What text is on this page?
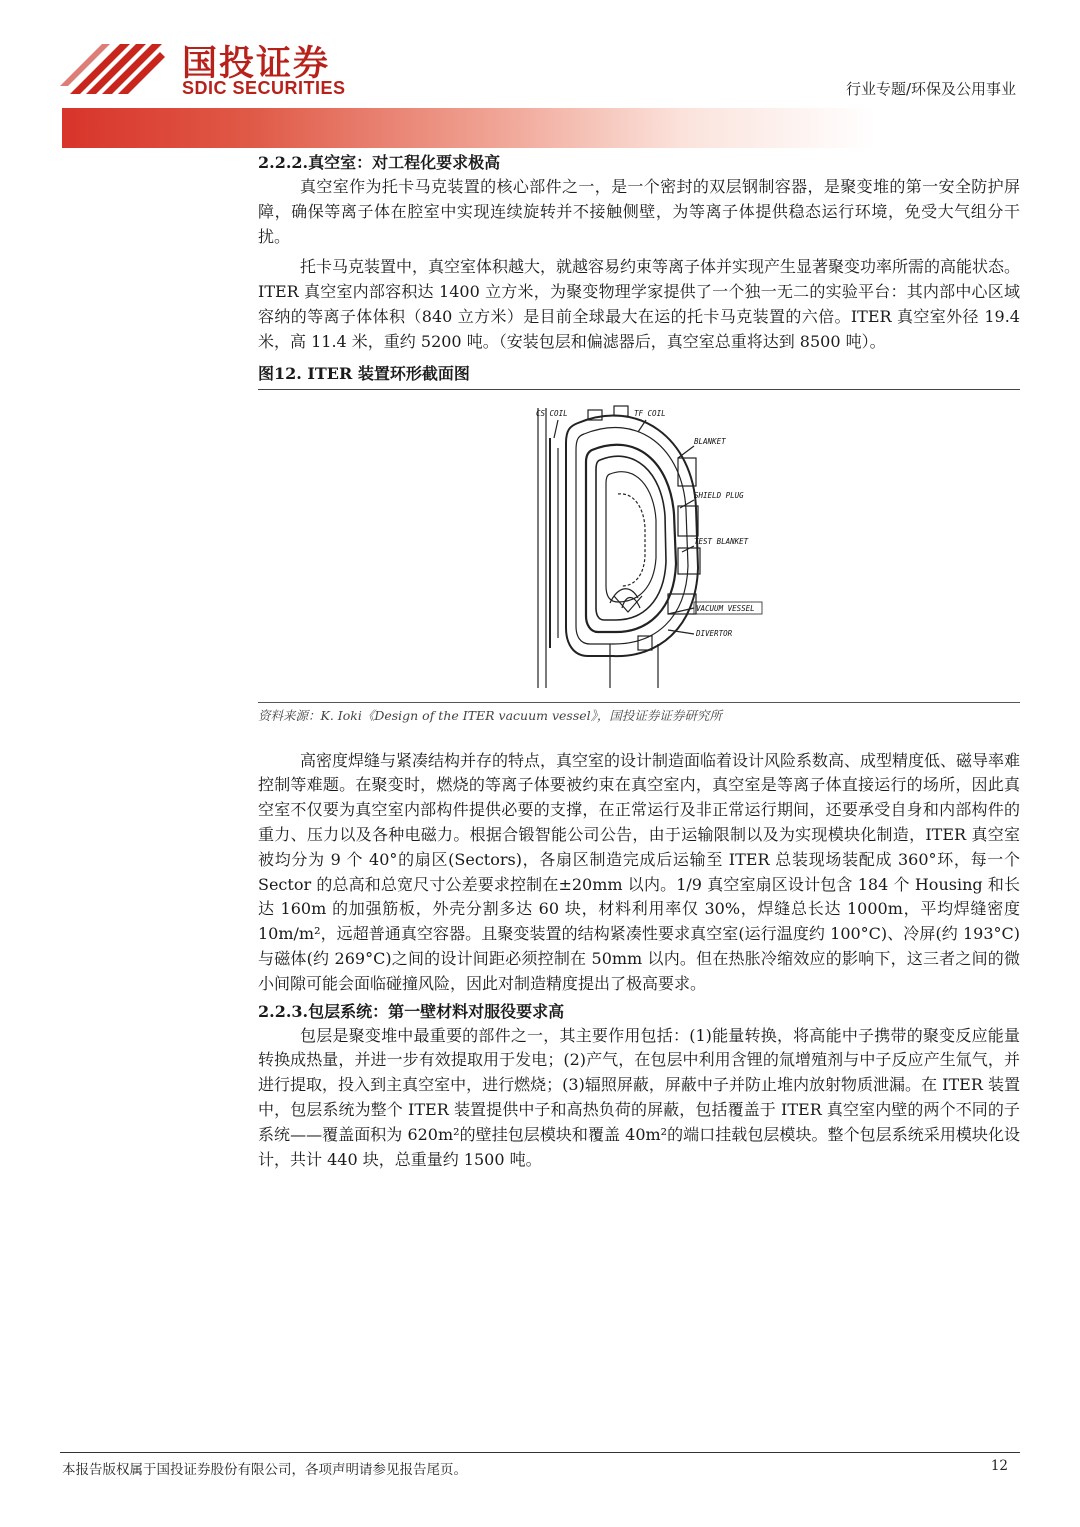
国投证券
SDIC SECURITIES	行业专题/环保及公用事业

2.2.2.真空室：对工程化要求极高

真空室作为托卡马克装置的核心部件之一，是一个密封的双层钢制容器，是聚变堆的第一安全防护屏障，确保等离子体在腔室中实现连续旋转并不接触侧壁，为等离子体提供稳态运行环境，免受大气组分干扰。

托卡马克装置中，真空室体积越大，就越容易约束等离子体并实现产生显著聚变功率所需的高能状态。ITER 真空室内部容积达 1400 立方米，为聚变物理学家提供了一个独一无二的实验平台：其内部中心区域容纳的等离子体体积（840 立方米）是目前全球最大在运的托卡马克装置的六倍。ITER 真空室外径 19.4 米，高 11.4 米，重约 5200 吨。（安装包层和偏滤器后，真空室总重将达到 8500 吨）。

图12. ITER 装置环形截面图
CS COIL	TF COIL
BLANKET
SHIELD PLUG
TEST BLANKET
VACUUM VESSEL
DIVERTOR
资料来源：K. Ioki《Design of the ITER vacuum vessel》，国投证券证券研究所

高密度焊缝与紧凑结构并存的特点，真空室的设计制造面临着设计风险系数高、成型精度低、磁导率难控制等难题。在聚变时，燃烧的等离子体要被约束在真空室内，真空室是等离子体直接运行的场所，因此真空室不仅要为真空室内部构件提供必要的支撑，在正常运行及非正常运行期间，还要承受自身和内部构件的重力、压力以及各种电磁力。根据合锻智能公司公告，由于运输限制以及为实现模块化制造，ITER 真空室被均分为 9 个 40°的扇区(Sectors)，各扇区制造完成后运输至 ITER 总装现场装配成 360°环，每一个 Sector 的总高和总宽尺寸公差要求控制在±20mm 以内。1/9 真空室扇区设计包含 184 个 Housing 和长达 160m 的加强筋板，外壳分割多达 60 块，材料利用率仅 30%，焊缝总长达 1000m，平均焊缝密度 10m/m²，远超普通真空容器。且聚变装置的结构紧凑性要求真空室(运行温度约 100°C)、冷屏(约 193°C)与磁体(约 269°C)之间的设计间距必须控制在 50mm 以内。但在热胀冷缩效应的影响下，这三者之间的微小间隙可能会面临碰撞风险，因此对制造精度提出了极高要求。

2.2.3.包层系统：第一壁材料对服役要求高

包层是聚变堆中最重要的部件之一，其主要作用包括：(1)能量转换，将高能中子携带的聚变反应能量转换成热量，并进一步有效提取用于发电；(2)产气，在包层中利用含锂的氚增殖剂与中子反应产生氚气，并进行提取，投入到主真空室中，进行燃烧；(3)辐照屏蔽，屏蔽中子并防止堆内放射物质泄漏。在 ITER 装置中，包层系统为整个 ITER 装置提供中子和高热负荷的屏蔽，包括覆盖于 ITER 真空室内壁的两个不同的子系统——覆盖面积为 620m²的壁挂包层模块和覆盖 40m²的端口挂载包层模块。整个包层系统采用模块化设计，共计 440 块，总重量约 1500 吨。

本报告版权属于国投证券股份有限公司，各项声明请参见报告尾页。	12
